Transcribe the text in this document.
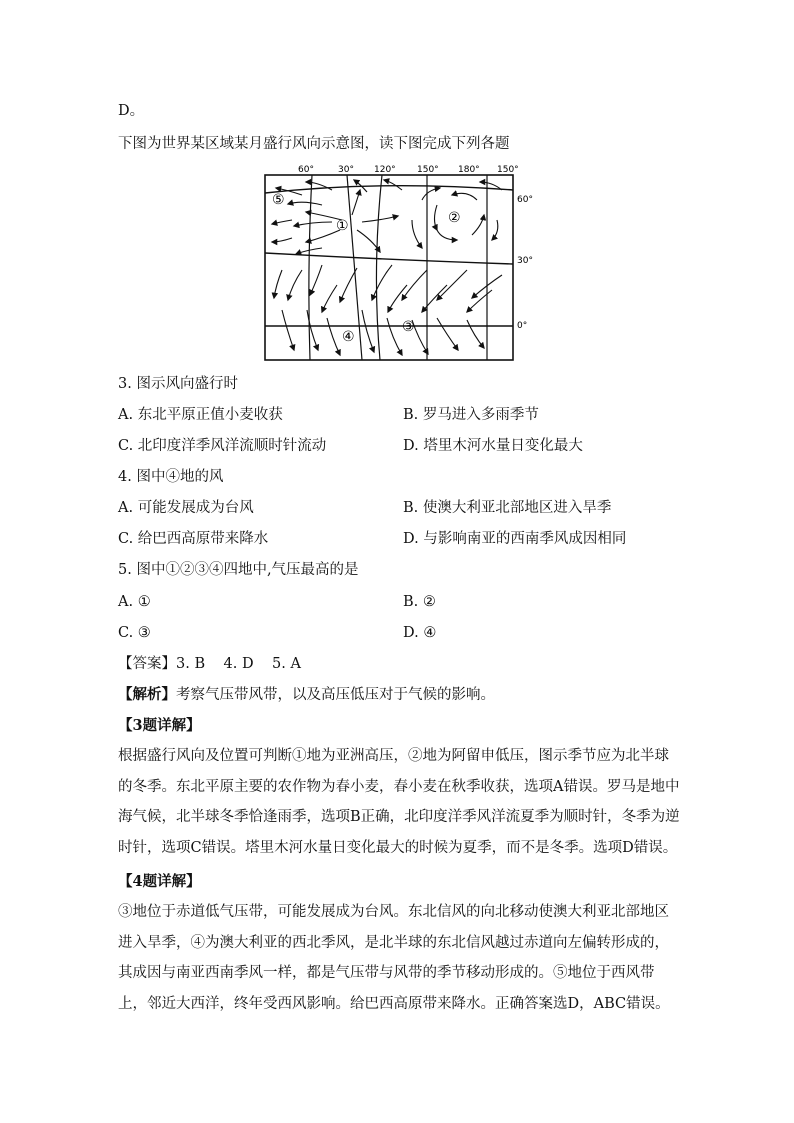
D。
下图为世界某区域某月盛行风向示意图，读下图完成下列各题
60°	30° 120° 150° 180° 150°
60°
30°
0°
⑤
①	②
④
③
3. 图示风向盛行时
A. 东北平原正值小麦收获	B. 罗马进入多雨季节
C. 北印度洋季风洋流顺时针流动	D. 塔里木河水量日变化最大
4. 图中④地的风
A. 可能发展成为台风	B. 使澳大利亚北部地区进入旱季
C. 给巴西高原带来降水	D. 与影响南亚的西南季风成因相同
5. 图中①②③④四地中,气压最高的是
A. ①	B. ②
C. ③	D. ④
【答案】3. B    4. D    5. A
【解析】考察气压带风带，以及高压低压对于气候的影响。
【3题详解】
根据盛行风向及位置可判断①地为亚洲高压，②地为阿留申低压，图示季节应为北半球的冬季。东北平原主要的农作物为春小麦，春小麦在秋季收获，选项A错误。罗马是地中海气候，北半球冬季恰逢雨季，选项B正确，北印度洋季风洋流夏季为顺时针，冬季为逆时针，选项C错误。塔里木河水量日变化最大的时候为夏季，而不是冬季。选项D错误。
【4题详解】
③地位于赤道低气压带，可能发展成为台风。东北信风的向北移动使澳大利亚北部地区进入旱季，④为澳大利亚的西北季风，是北半球的东北信风越过赤道向左偏转形成的，其成因与南亚西南季风一样，都是气压带与风带的季节移动形成的。⑤地位于西风带上，邻近大西洋，终年受西风影响。给巴西高原带来降水。正确答案选D，ABC错误。
